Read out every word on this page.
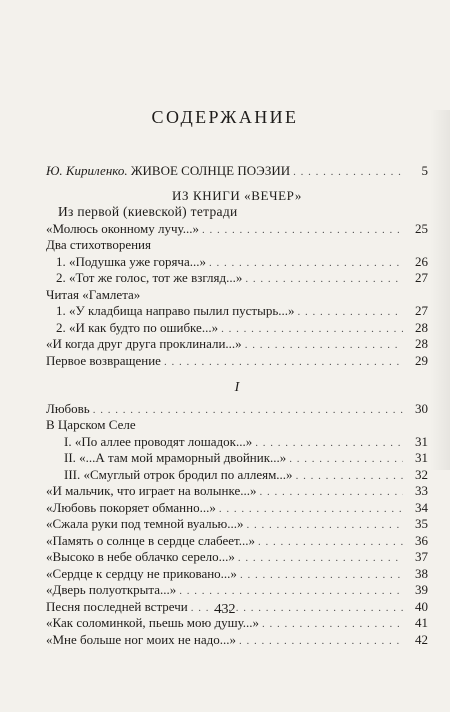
СОДЕРЖАНИЕ
Ю. Кириленко. ЖИВОЕ СОЛНЦЕ ПОЭЗИИ . . .	5
ИЗ КНИГИ «ВЕЧЕР»
Из первой (киевской) тетради
«Молюсь оконному лучу...» . . .	25
Два стихотворения
1. «Подушка уже горяча...» . . .	26
2. «Тот же голос, тот же взгляд...» . . .	27
Читая «Гамлета»
1. «У кладбища направо пылил пустырь...» . . .	27
2. «И как будто по ошибке...» . . .	28
«И когда друг друга проклинали...» . . .	28
Первое возвращение . . .	29
I
Любовь . . .	30
В Царском Селе
I. «По аллее проводят лошадок...» . . .	31
II. «...А там мой мраморный двойник...» . . .	31
III. «Смуглый отрок бродил по аллеям...» . . .	32
«И мальчик, что играет на волынке...» . . .	33
«Любовь покоряет обманно...» . . .	34
«Сжала руки под темной вуалью...» . . .	35
«Память о солнце в сердце слабеет...» . . .	36
«Высоко в небе облачко серело...» . . .	37
«Сердце к сердцу не приковано...» . . .	38
«Дверь полуоткрыта...» . . .	39
Песня последней встречи . . .	40
«Как соломинкой, пьешь мою душу...» . . .	41
«Мне больше ног моих не надо...» . . .	42
432
